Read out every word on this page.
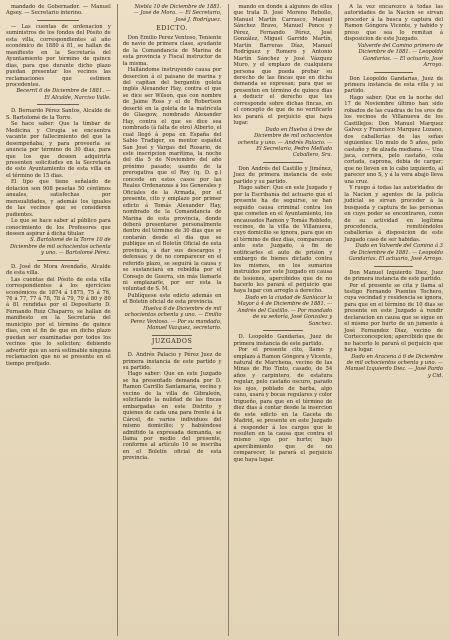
mandado de Gobernador. — Manuel Agsey. — Secretario interino.

— Las cuentas de ordenacion y suministros de los fondos del Pósito de esta villa, correspondientes al año económico de 1880 á 81, se hallan de manifiesto en la Secretaría del Ayuntamiento por término de quince dias, para que durante dicho plazo puedan presentar los vecinos las reclamaciones que estimen procedentes.

Becerril 6 de Diciembre de 1881. — El Alcalde, Narciso Valle.

D. Bernardo Pérez Santos, Alcalde de S. Bartolomé de la Torre.

Se hace saber: Que la tímbar de Medicina y Cirugía se encuentra vacante por fallecimiento del que la desempeñaba; y para proveerla se anuncia por término de 30 dias, para que los que deseen adquirirla presenten solicitudes en la Secretaría de este Ayuntamiento de esta villa en el término de 15 dias.

El tipo que tiene señalado de dotacion son 908 pesetas 50 céntimos anuales, satisfechas por mensualidades, y además los iguales de las vecinos que se consideren pudientes.

Lo que se hace saber al público para conocimiento de los Profesores que deseen aspirar á dicha titular.

S. Bartolomé de la Torre 10 de Diciembre de mil ochocientos ochenta y uno. — Bartolomé Pérez.

D. José de Mora Avendaño, Alcalde de esta villa.

Las cuentas del Pósito de esta villa correspondientes á los ejercicios económicos de 1874 á 1875, 75 á 76, 76 á 77, 77 á 78, 78 á 79, 79 á 80 y 80 á 81 rendidas por el Depositario D. Fernando Ruiz Chaparro, se hallan de manifiesto en la Secretaría del municipio por el término de quince dias, con el fin de que en dicho plazo puedan ser examinadas por todos los vecinos que lo soliciten; debiendo advertir que un será estimable ninguna reclamacion que no se presente en el tiempo prefijado.

Niebla 10 de Diciembre de 1881. — José de Mora. — El Secretario, José J. Rodríguez.

EDICTO.

Don Emilio Perez Ventoso, Teniente de navío de primera clase, ayudante de la Comandancia de Marina de esta provincia y Fiscal instructor de la misma.

Hallándome instruyendo causa por desercion á el paisano de marina y del capitan del bergantín goleta inglés Alexander Hay, contra el que se dice ser Wilson, que con nombre de Jaime Ross y el de Robertson desertó en la goleta de la matrícula de Glasgow, nombrado Alexander Hay, contra el que se dice sea nombrado (á falta de otro) Alberto, el cual llegó á popa en España del Sabio Tradiger, su mentor español San José y Vargas del Rosario, de este inscripcion marítima, la noche del dia 5 de Noviembre del año próximo pasado; usando de la prerogativa que el Rey (q. D. g.) concede en estos casos por las Reales Ordenanzas á los Generales y Oficiales de la Armada, por el presente, cito y emplazo por primer edicto á Tomás Alexander Hay, nombrado de la Comandancia de Marina de esta provincia, donde deberá presentarse personalmente dentro del término de 30 dias que se contarán desde el dia que se publique en el Boletín Oficial de esta provincia, á dar sus descargos y defensas; y de no comparecer en el referido plazo, se seguirá la causa y se sustanciará en rebeldía por el Consejo de Guerra, sin más llamarle ni emplazarle, por ser esta la voluntad de S. M.

Publíquese este edicto además en el Boletín oficial de esta provincia.

Huelva 6 de Diciembre de mil ochocientos ochenta y uno. — Emilio Perez Ventoso. — Por su mandado, Manuel Vazquez, secretario.

JUZGADOS

D. Andrés Palacio y Pérez Juez de primera instancia de este partido y su partido.

Hago saber: Que en este Juzgado se ha presentado demanda por D. Ramon Carrillo Santamaría, vecino y vecino de la villa de Gibraleón, solicitando la nulidad de las fincas embargadas en este Distrito y quienes de cada una para frente á la Cárcel, de varios individuos del mismo domicilio; y habiéndose admitido la expresada demanda, se llama por medio del presente, conforme al artículo 10 se inscriba en el Boletín oficial de esta provincia.

mando en donde á algunos de ellos que trata D. José Moreno Rebollo, Manuel Martín Carrasco, Manuel Sánchez Bravo, Manuel Ponce y Pérez, Fernando Pérez, José González, Miguel Garrido Martín, Martín Barreras Díaz, Manuel Rodríguez y Romero y Antonio Martín Sánchez y José Vázquez Muro, y el emplazo de cualquiera persona que pueda probar su derecho de las fincas que en dicha demanda se expresan; para que se presenten en término de quince dias á deducir el derecho que les corresponde sobre dichas fincas, en el concepto de que de no verificarlo les parará el perjuicio que haya lugar.

Dado en Huelva á tres de Diciembre de mil ochocientos ochenta y uno. — Andrés Palacio. — El Secretario, Pedro Mellado Caballero, Sra.

Don Andrés del Castillo y Jiménez, Juez de primera instancia de este partido y su partido.

Hago saber: Que en este Juzgado y por la Escribanía del actuario que el presente ha de seguirse, se han seguido causa criminal contra los que cometen en el Ayuntamiento, los encausados Ramon y Tomás Robledo, vecinos, de la villa de Villanueva, cuyo domicilio se ignora, para que en el término de diez dias, comparezcan ante este Juzgado, á fin de notificarles el auto de prision y embargo de bienes dictado contra los mismos, en los sumarios instruidos por este Juzgado en causa de lesiones, apercibidos que de no hacerlo les parará el perjuicio que haya lugar con arreglo á derecho.

Dado en la ciudad de Sanlúcar la Mayor á 4 de Diciembre de 1881. — Andrés del Castillo. — Por mandado de su señoría, José Gonzalez y Sanchez.

D. Leopoldo Gandarias, Juez de primera instancia de este partido.

Por el presente cito, llamo y emplazo á Ramon Góngora y Vicente, natural de Marchena, vecino de las Minas de Rio Tinto, casado, de 54 años y carpintero, de estatura regular, pelo castaño oscuro, parado los ojos, poblado de barba, algo cano, usará y bocas regulares y color trigueño, para que en el término de diez dias á contar desde la insercion de este edicto en la Gaceta de Madrid, se presente en este Juzgado á responder á los cargos que le resulten en la causa que contra el mismo sigo por hurto; bajo apercibimiento que de no comparecer, le parará el perjuicio que haya lugar.

A la vez encarezco á todas las autoridades de la Nacion se sirvan proceder á la busca y captura del Ramon Góngora Vicente, y habido y preso que sea lo remitan á disposicion de este Juzgado.

Valverde del Camino primero de Diciembre de 1881. — Leopoldo Gandarias. — El actuario, José Arroyo.

Don Leopoldo Gandarias, Juez de primera instancia de esta villa y su partido.

Hago saber: Que en la noche del 17 de Noviembre último han sido robados de las cuadras de los sres de los vecinos de Villanueva de los Castillejos: Don Manuel Marquez Galvez y Francisco Marquez Lozano, dos caballerías de las señas siguientes: Un mulo de 5 años, pelo castaño y de alzada mediana. — Una jaca, cerrera, pelo castaño, cola cortada, caprona, debia de cargar; que no lleven en lo cabo izquierdo, al parecer uno S, y á la vera abajo lleva una cruz.

Y ruego á todas las autoridades de la Nacion y agentes de la policía judicial se sirvan proceder á la busqueda y captura de las personas en cuyo poder se encontraren, como de su actividad en legítima procedencia, remitiéndolos caballerías á disposicion de este Juzgado caso de ser habidas.

Dado en Valverde del Camino á 3 de Diciembre de 1881. — Leopoldo Gandarias. El actuario, José Arroyo.

Don Manuel Izquierdo Diez, Juez de primera instancia de este partido.

Por el presente se cita y llama al testigo Fernando Puentes Tochero, cuya vecindad y residencia se ignora, para que en el término de 10 dias se presente en este Juzgado á rendir declaracion en causa que se sigue en el mismo por hurto de un jumento á José Fernandez Díaz, vecino de Cortecconcepcion; apercibido que de no hacerlo le parará el perjuicio que haya lugar.

Dado en Aracena á 6 de Diciembre de mil ochocientos ochenta y uno. — Manuel Izquierdo Diez. — José Pardo y Cid.
